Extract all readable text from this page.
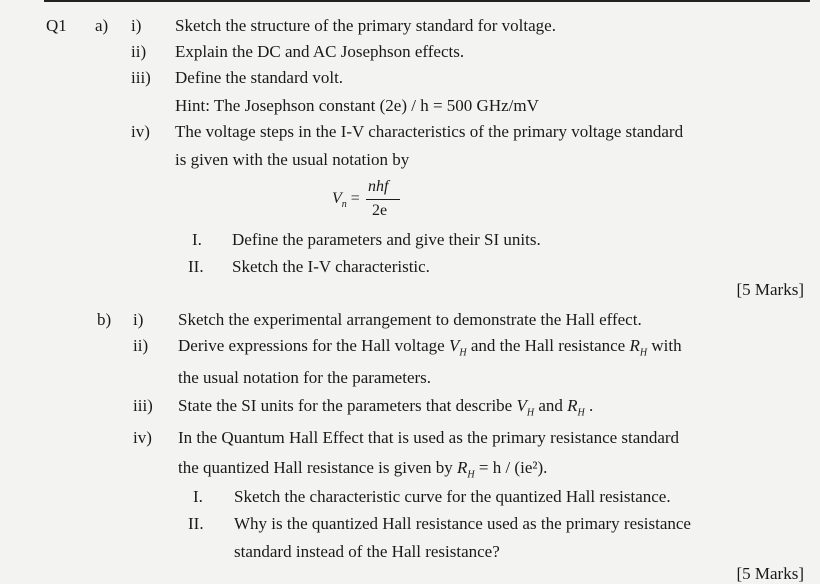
Q1 a) i) Sketch the structure of the primary standard for voltage.
ii) Explain the DC and AC Josephson effects.
iii) Define the standard volt.
Hint: The Josephson constant (2e) / h = 500 GHz/mV
iv) The voltage steps in the I-V characteristics of the primary voltage standard
is given with the usual notation by
$V_n$ =
nhf
2e
I. Define the parameters and give their SI units.
II. Sketch the I-V characteristic.
[5 Marks]
b) i) Sketch the experimental arrangement to demonstrate the Hall effect.
ii) Derive expressions for the Hall voltage $V_H$ and the Hall resistance $R_H$ with
the usual notation for the parameters.
iii) State the SI units for the parameters that describe $V_H$ and $R_H$ .
iv) In the Quantum Hall Effect that is used as the primary resistance standard
the quantized Hall resistance is given by $R_H = h / (ie^2)$.
I. Sketch the characteristic curve for the quantized Hall resistance.
II. Why is the quantized Hall resistance used as the primary resistance
standard instead of the Hall resistance?
[5 Marks]
